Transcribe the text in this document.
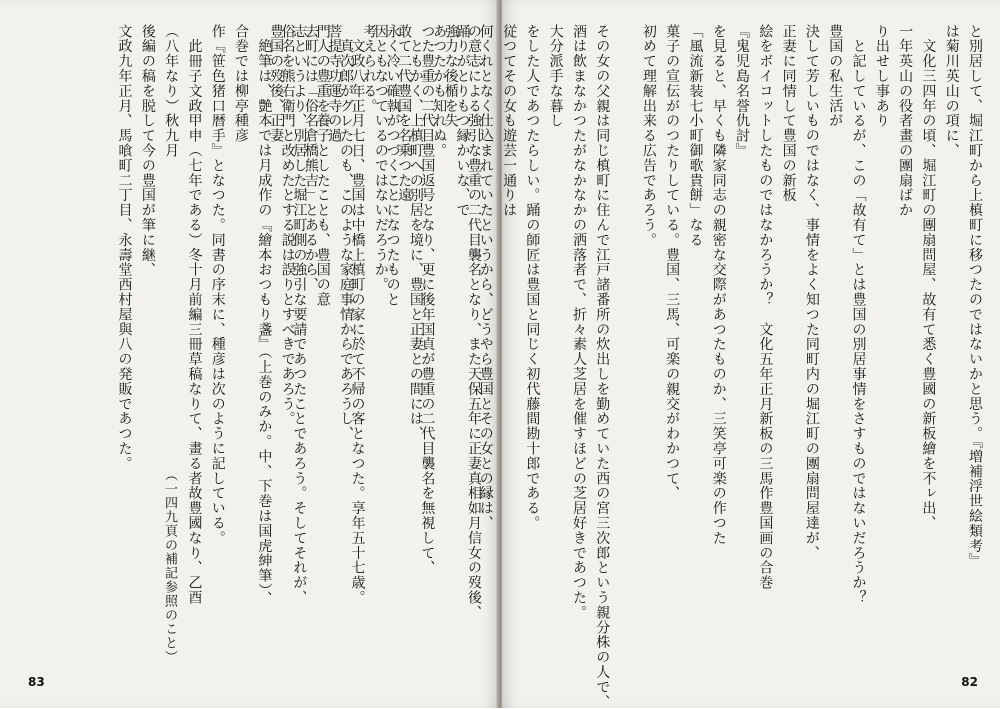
の意志による強引な豊重の二代目襲名となり、また天保五年に正妻真相如月信女の歿後、強力な後楯を失
つた豊重の二代目豊国返号となり、更に後年国貞が豊重の二代目襲名を無視して、敢て二代豊国を名乗つた遠
因ともなつているのではないだろうか。
　文政八年正月七日、豊国は中橋上槙町の家に於て不帰の客となつた。享年五十七歳。菩提寺功運寺の過
去町には「俗名倉橋熊吉」とあるから、俗名を熊右衛門と改めたとする説は誤りとすべきであろう。
　絶筆は、艶本では月成作の『繪本おつもり盞』（上巻のみか。中、下巻は国虎紳筆）、合巻では柳亭種彦
作『笹色猪口暦手』となつた。同書の序末に、種彦は次のように記している。
　此冊子文政甲申（七年である）冬十月前編三冊草稿なりて、畫る者故豊國なり、乙酉（八年なり）秋九月
後編の稿を脱して今の豊国が筆に継、
文政九年正月、馬喰町二丁目、永壽堂西村屋與八の発販であつた。
（一四九頁の補記参照のこと）
83
と別居して、堀江町から上槙町に移つたのではないかと思う。『増補浮世絵類考』は菊川英山の項に、
　文化三四年の頃、堀江町の團扇問屋、故有て悉く豊國の新板繪を不ㇾ出、一年英山の役者畫の團扇ばか
り出せし事あり
　と記しているが、この「故有て」とは豊国の別居事情をさすものではないだろうか？　豊国の私生活が
決して芳しいものではなく、事情をよく知つた同町内の堀江町の團扇問屋達が、正妻に同情して豊国の新板
絵をボイコットしたものではなかろうか？　文化五年正月新板の三馬作豊国画の合巻『鬼児島名誉仇討』
を見ると、早くも隣家同志の親密な交際があつたものか、三笑亭可楽の作つた「風流新装七小町御歌貴餅」なる
菓子の宣伝がのつたりしている。豊国、三馬、可楽の親交がわかつて、初めて理解出来る広告であろう。
　その女の父親は同じ槙町に住んで江戸諸番所の炊出しを勤めていた西の宮三次郎という親分株の人で、
酒は飲まなかつたがなかなかの洒落者で、折々素人芝居を催すほどの芝居好きであつた。大分派手な暮し
をした人であつたらしい。踊の師匠は豊国と同じく初代藤間勘十郎である。従つてその女も遊芸一通りは
何くれとなく仕込まれていたというから、どうやら豊国とその女との縁は、踊りがとりもつ縁かいな、で
あつたかも知れぬ。
　ともかく、上槙町への別居を境に、豊国と正妻との間には、永く冷い確執がつづくことになつたものと
考えられる。
　真次郎がグレたのも、このような家庭事情からであろうし、門人の豊重を養子としたことも、豊国の意
志というより、別居した堀江町側の強引な要請であつたことであろう。そしてそれが、豊国の歿後、正妻
82
